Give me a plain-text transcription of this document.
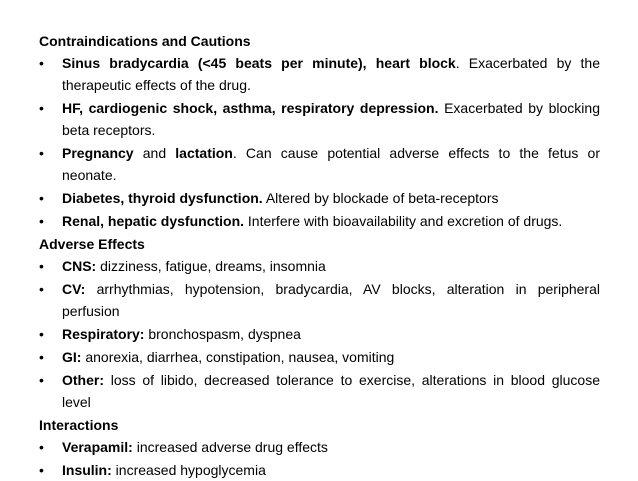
Contraindications and Cautions
•	Sinus bradycardia (<45 beats per minute), heart block. Exacerbated by the therapeutic effects of the drug.
•	HF, cardiogenic shock, asthma, respiratory depression. Exacerbated by blocking beta receptors.
•	Pregnancy and lactation. Can cause potential adverse effects to the fetus or neonate.
•	Diabetes, thyroid dysfunction. Altered by blockade of beta-receptors
•	Renal, hepatic dysfunction. Interfere with bioavailability and excretion of drugs.
Adverse Effects
•	CNS: dizziness, fatigue, dreams, insomnia
•	CV: arrhythmias, hypotension, bradycardia, AV blocks, alteration in peripheral perfusion
•	Respiratory: bronchospasm, dyspnea
•	GI: anorexia, diarrhea, constipation, nausea, vomiting
•	Other: loss of libido, decreased tolerance to exercise, alterations in blood glucose level
Interactions
•	Verapamil: increased adverse drug effects
•	Insulin: increased hypoglycemia
